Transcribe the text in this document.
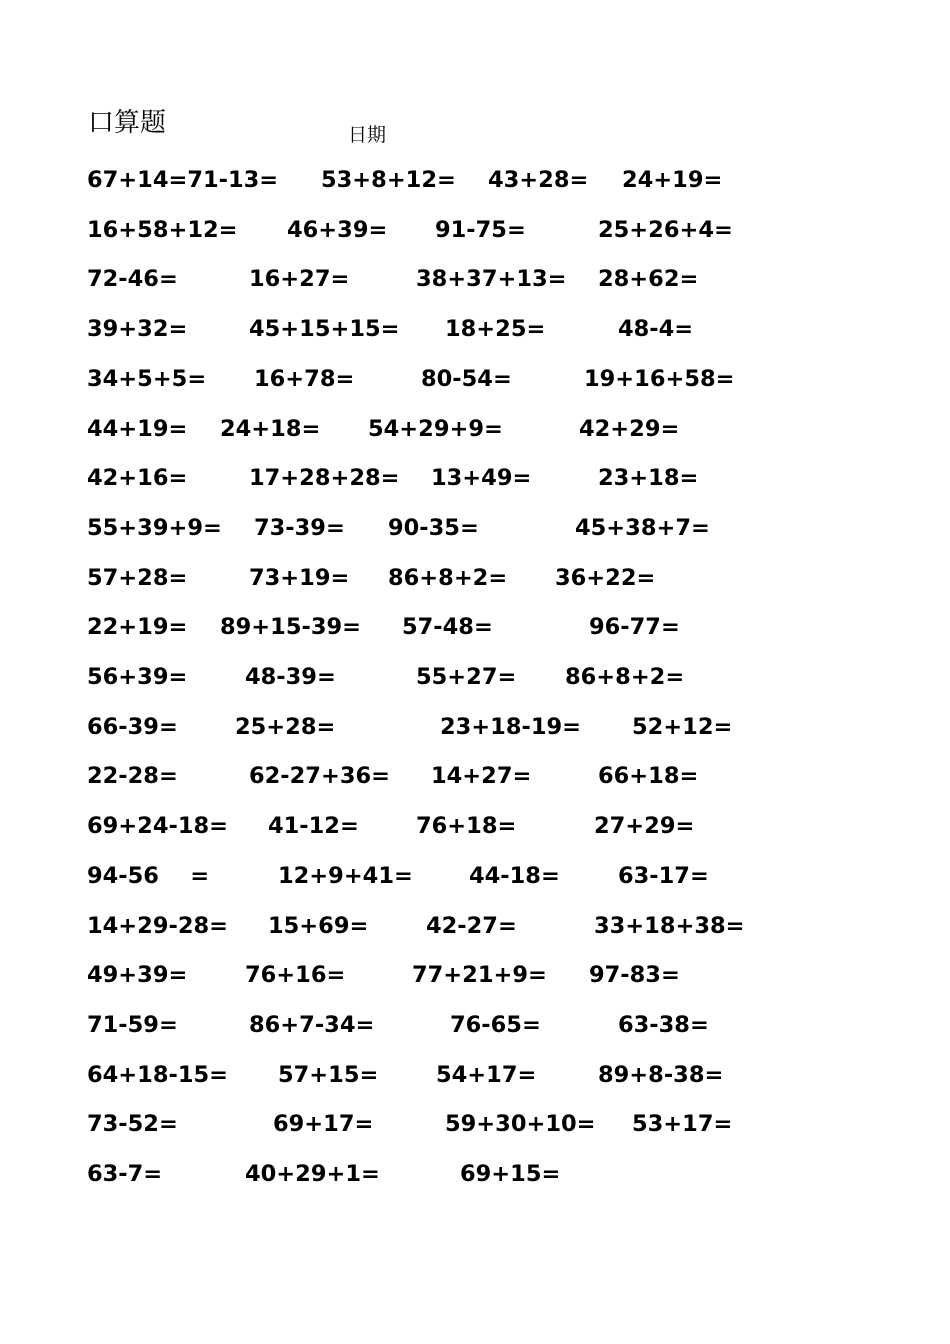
口算题	日期
67+14=71-13= 53+8+12= 43+28= 24+19=
16+58+12= 46+39= 91-75=	25+26+4=
72-46=	16+27=	38+37+13= 28+62=
39+32=	45+15+15= 18+25=	48-4=
34+5+5= 16+78=	80-54=	19+16+58=
44+19= 24+18= 54+29+9=	42+29=
42+16=	17+28+28= 13+49=	23+18=
55+39+9= 73-39= 90-35=	45+38+7=
57+28=	73+19= 86+8+2= 36+22=
22+19= 89+15-39= 57-48=	96-77=
56+39=	48-39=	55+27= 86+8+2=
66-39=	25+28=	23+18-19= 52+12=
22-28=	62-27+36= 14+27=	66+18=
69+24-18= 41-12=	76+18=	27+29=
94-56    =	12+9+41= 44-18=	63-17=
14+29-28= 15+69=	42-27=	33+18+38=
49+39=	76+16=	77+21+9= 97-83=
71-59=	86+7-34=	76-65=	63-38=
64+18-15= 57+15=	54+17=	89+8-38=
73-52=	69+17=	59+30+10= 53+17=
63-7=	40+29+1=	69+15=
